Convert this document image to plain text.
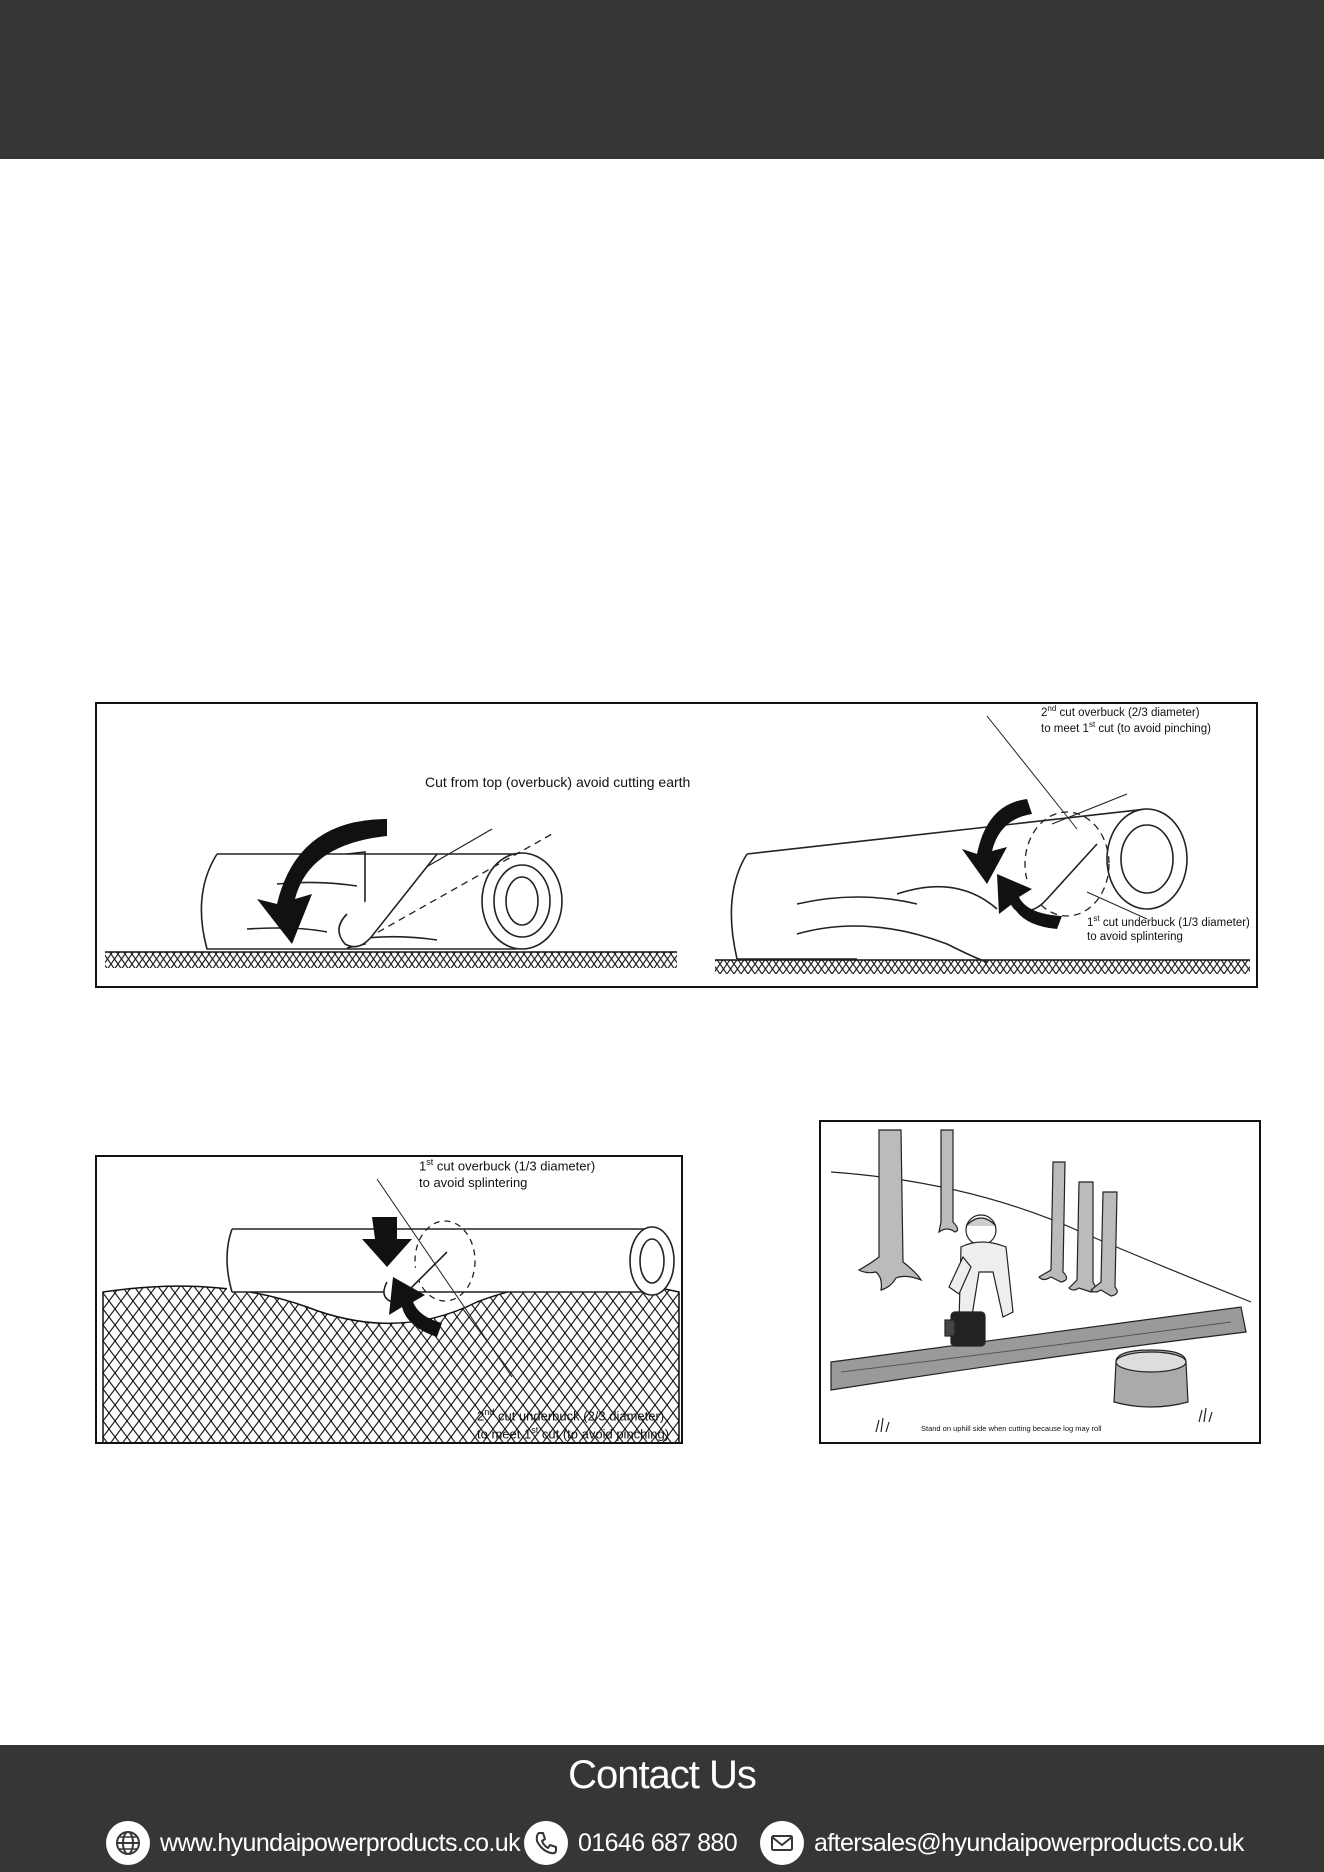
Cut from top (overbuck) avoid cutting earth
2nd cut overbuck (2/3 diameter)
to meet 1st cut (to avoid pinching)
1st cut underbuck (1/3 diameter)
to avoid splintering
1st cut overbuck (1/3 diameter)
to avoid splintering
2nd cut underbuck (2/3 diameter)
to meet 1st cut (to avoid pinching)	Stand on uphill side when cutting because log may roll
Contact Us
www.hyundaipowerproducts.co.uk 01646 687 880	aftersales@hyundaipowerproducts.co.uk
